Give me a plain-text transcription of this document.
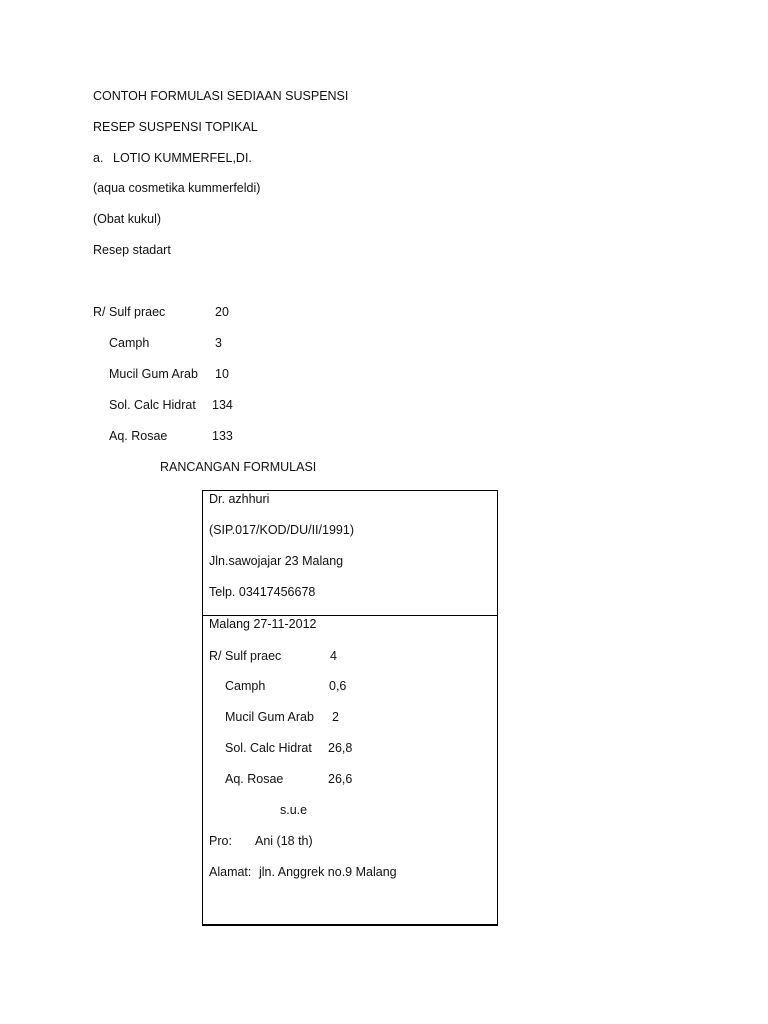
CONTOH FORMULASI SEDIAAN SUSPENSI
RESEP SUSPENSI TOPIKAL
a. LOTIO KUMMERFEL,DI.
(aqua cosmetika kummerfeldi)
(Obat kukul)
Resep stadart
R/ Sulf praec	20
Camph	3
Mucil Gum Arab 10
Sol. Calc Hidrat 134
Aq. Rosae	133
RANCANGAN FORMULASI
Dr. azhhuri
(SIP.017/KOD/DU/II/1991)
Jln.sawojajar 23 Malang
Telp. 03417456678
Malang 27-11-2012
R/ Sulf praec	4
Camph	0,6
Mucil Gum Arab 2
Sol. Calc Hidrat 26,8
Aq. Rosae	26,6
s.u.e
Pro: Ani (18 th)
Alamat: jln. Anggrek no.9 Malang
